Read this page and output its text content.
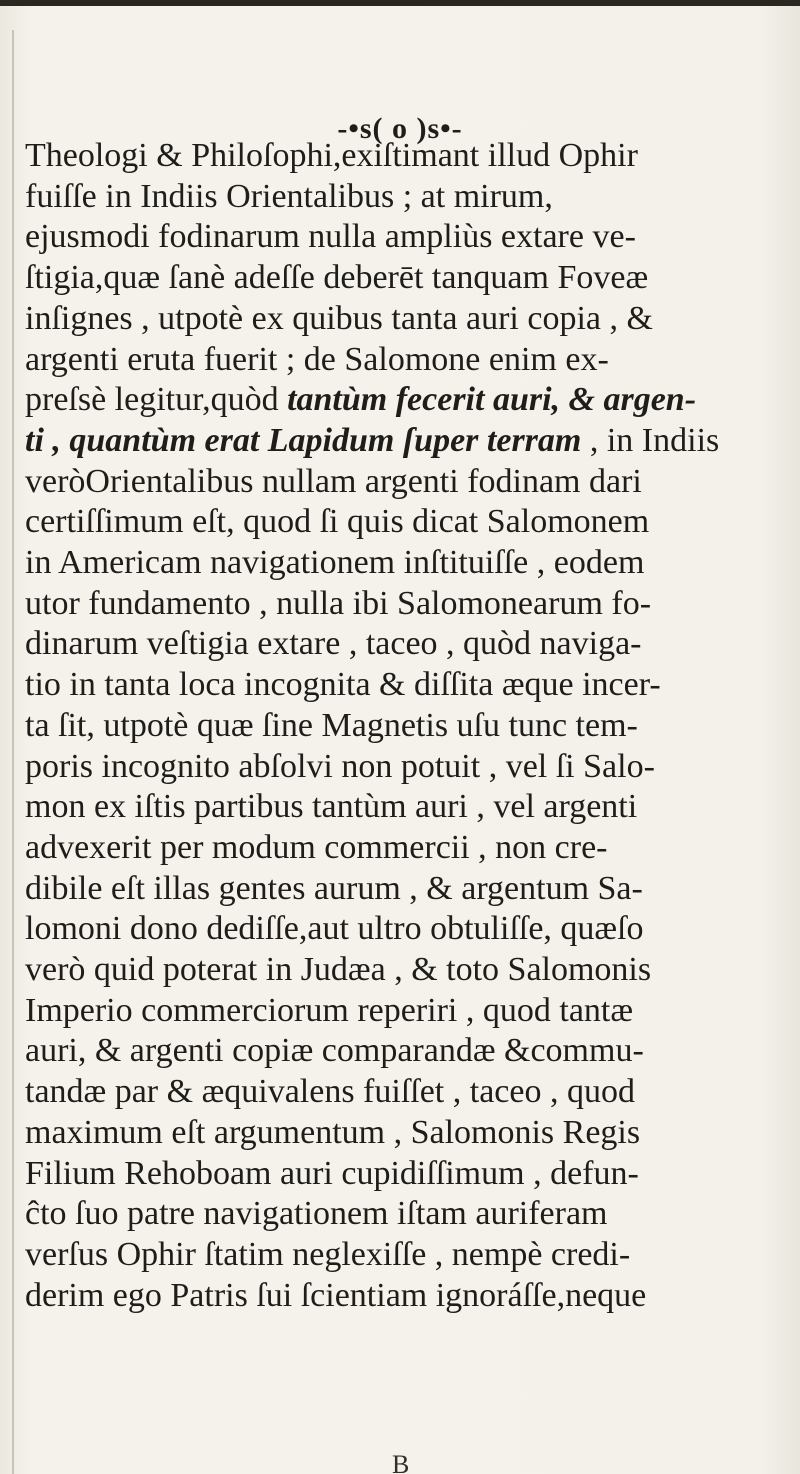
-•s( o )s•-
Theologi & Philoſophi,exiſtimant illud Ophir
fuiſſe in Indiis Orientalibus ; at mirum,
ejusmodi fodinarum nulla ampliùs extare ve-
ſtigia,quæ ſanè adeſſe deberēt tanquam Foveæ
inſignes , utpotè ex quibus tanta auri copia , &
argenti eruta fuerit ; de Salomone enim ex-
preſsè legitur,quòd tantùm fecerit auri, & argen-
ti , quantùm erat Lapidum ſuper terram , in Indiis
veròOrientalibus nullam argenti fodinam dari
certiſſimum eſt, quod ſi quis dicat Salomonem
in Americam navigationem inſtituiſſe , eodem
utor fundamento , nulla ibi Salomonearum fo-
dinarum veſtigia extare , taceo , quòd naviga-
tio in tanta loca incognita & diſſita æque incer-
ta ſit, utpotè quæ ſine Magnetis uſu tunc tem-
poris incognito abſolvi non potuit , vel ſi Salo-
mon ex iſtis partibus tantùm auri , vel argenti
advexerit per modum commercii , non cre-
dibile eſt illas gentes aurum , & argentum Sa-
lomoni dono dediſſe,aut ultro obtuliſſe, quæſo
verò quid poterat in Judæa , & toto Salomonis
Imperio commerciorum reperiri , quod tantæ
auri, & argenti copiæ comparandæ &commu-
tandæ par & æquivalens fuiſſet , taceo , quod
maximum eſt argumentum , Salomonis Regis
Filium Rehoboam auri cupidiſſimum , defun-
ĉto ſuo patre navigationem iſtam auriferam
verſus Ophir ſtatim neglexiſſe , nempè credi-
derim ego Patris ſui ſcientiam ignoráſſe,neque
B
